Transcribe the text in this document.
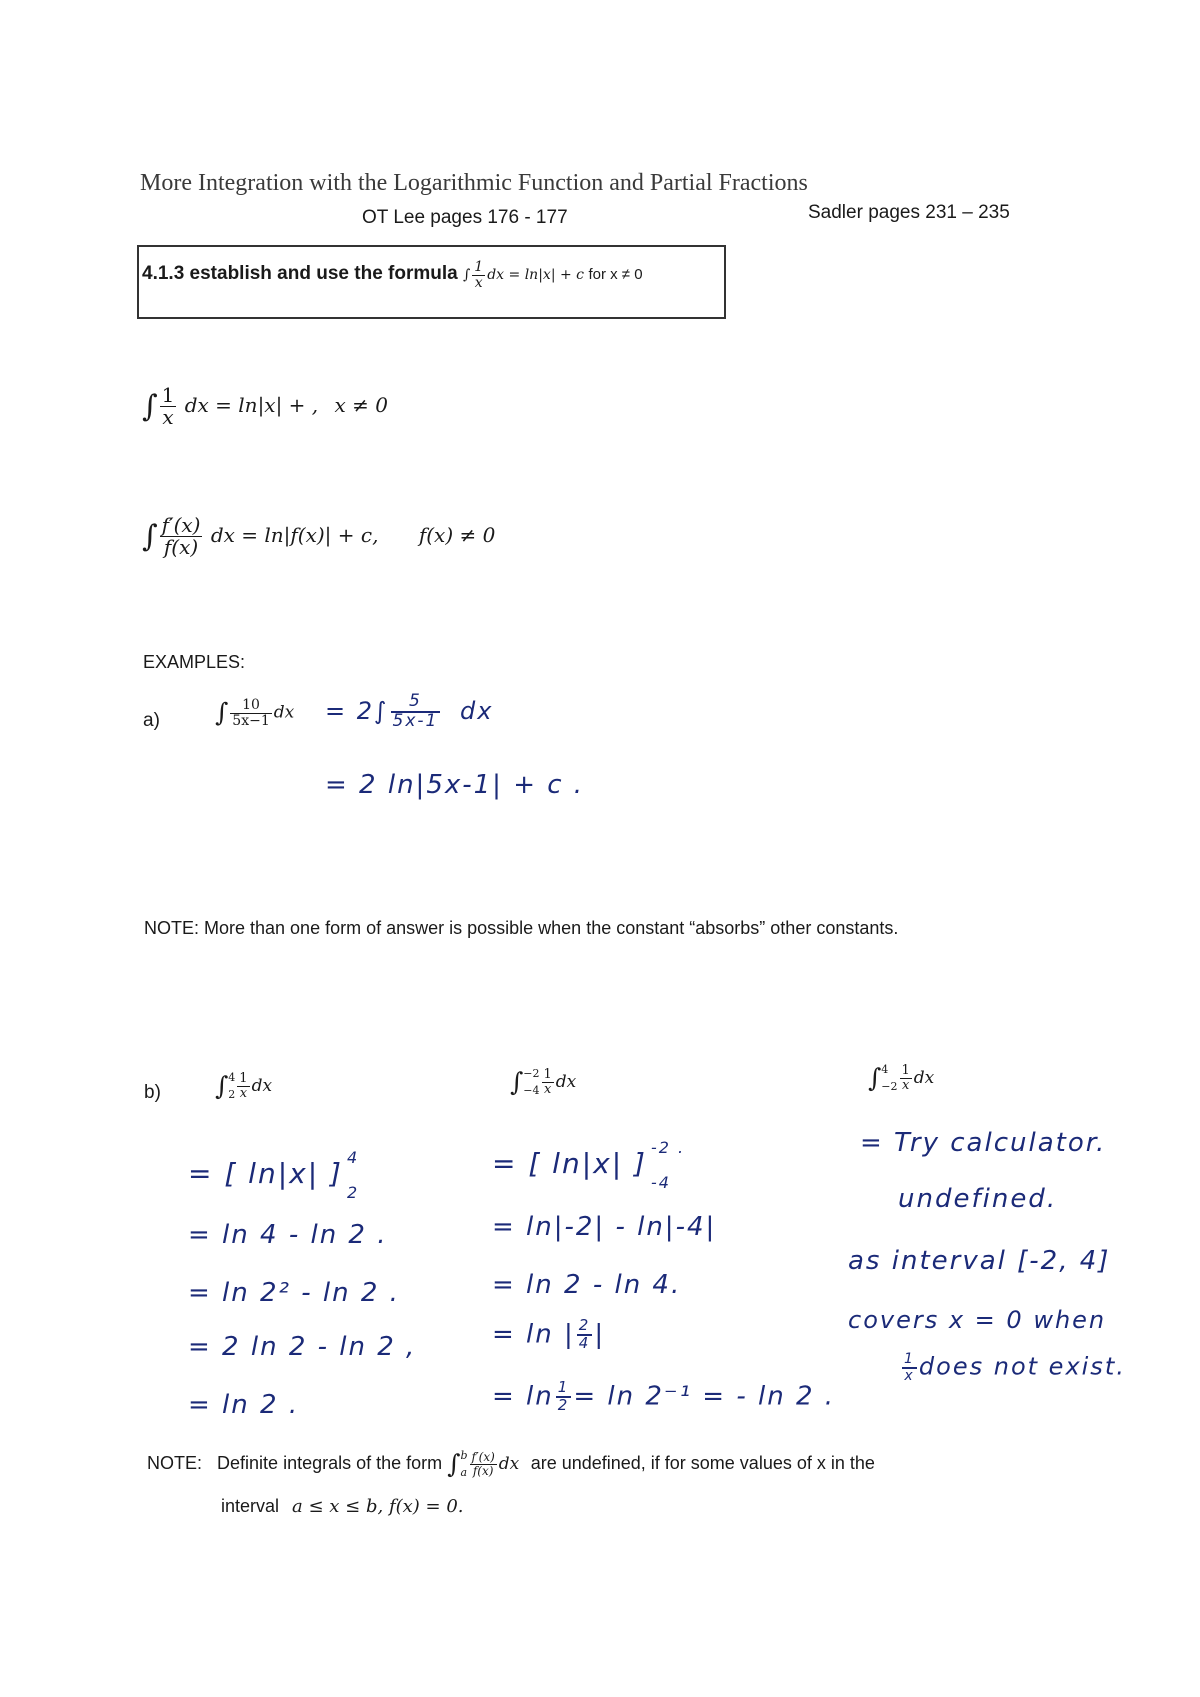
More Integration with the Logarithmic Function and Partial Fractions
OT Lee pages 176 - 177	Sadler pages 231 – 235
4.1.3 establish and use the formula ∫ $\frac{1}{x}$ dx = ln|x| + c for x ≠ 0
∫ $\frac{1}{x}$ dx = ln|x| + , x ≠ 0
∫ $\frac{f'(x)}{f(x)}$ dx = ln|f(x)| + c, f(x) ≠ 0
EXAMPLES:
a) ∫ $\frac{10}{5x-1}$ dx = $2\int \frac{5}{5x-1}$ dx
= 2 ln|5x-1| + c .
NOTE: More than one form of answer is possible when the constant “absorbs” other constants.
b) ∫ 4
$2 \frac{1}{x}$ dx
= [ ln|x| ] 4
2
= ln 4 - ln 2 .
= ln 2² - ln 2 .
= 2 ln 2 - ln 2 ,
= ln 2 .
∫ −2
$-4 \frac{1}{x}$ dx
= [ ln|x| ] -2 .
-4
= ln|-2| - ln|-4|
= ln 2 - ln 4.
= ln | $\frac{2}{4}$ |
= $\ln \frac{1}{2} = \ln 2^{-1}$ = - ln 2 .
∫ 4
$-2 \frac{1}{x}$ dx
= Try calculator.
undefined.
as interval [-2, 4]
covers x = 0 when
$\frac{1}{x}$ does not exist.
NOTE: Definite integrals of the form ∫ b
a $\frac{f'(x)}{f(x)}$ dx are undefined, if for some values of x in the
interval a ≤ x ≤ b, f(x) = 0.
